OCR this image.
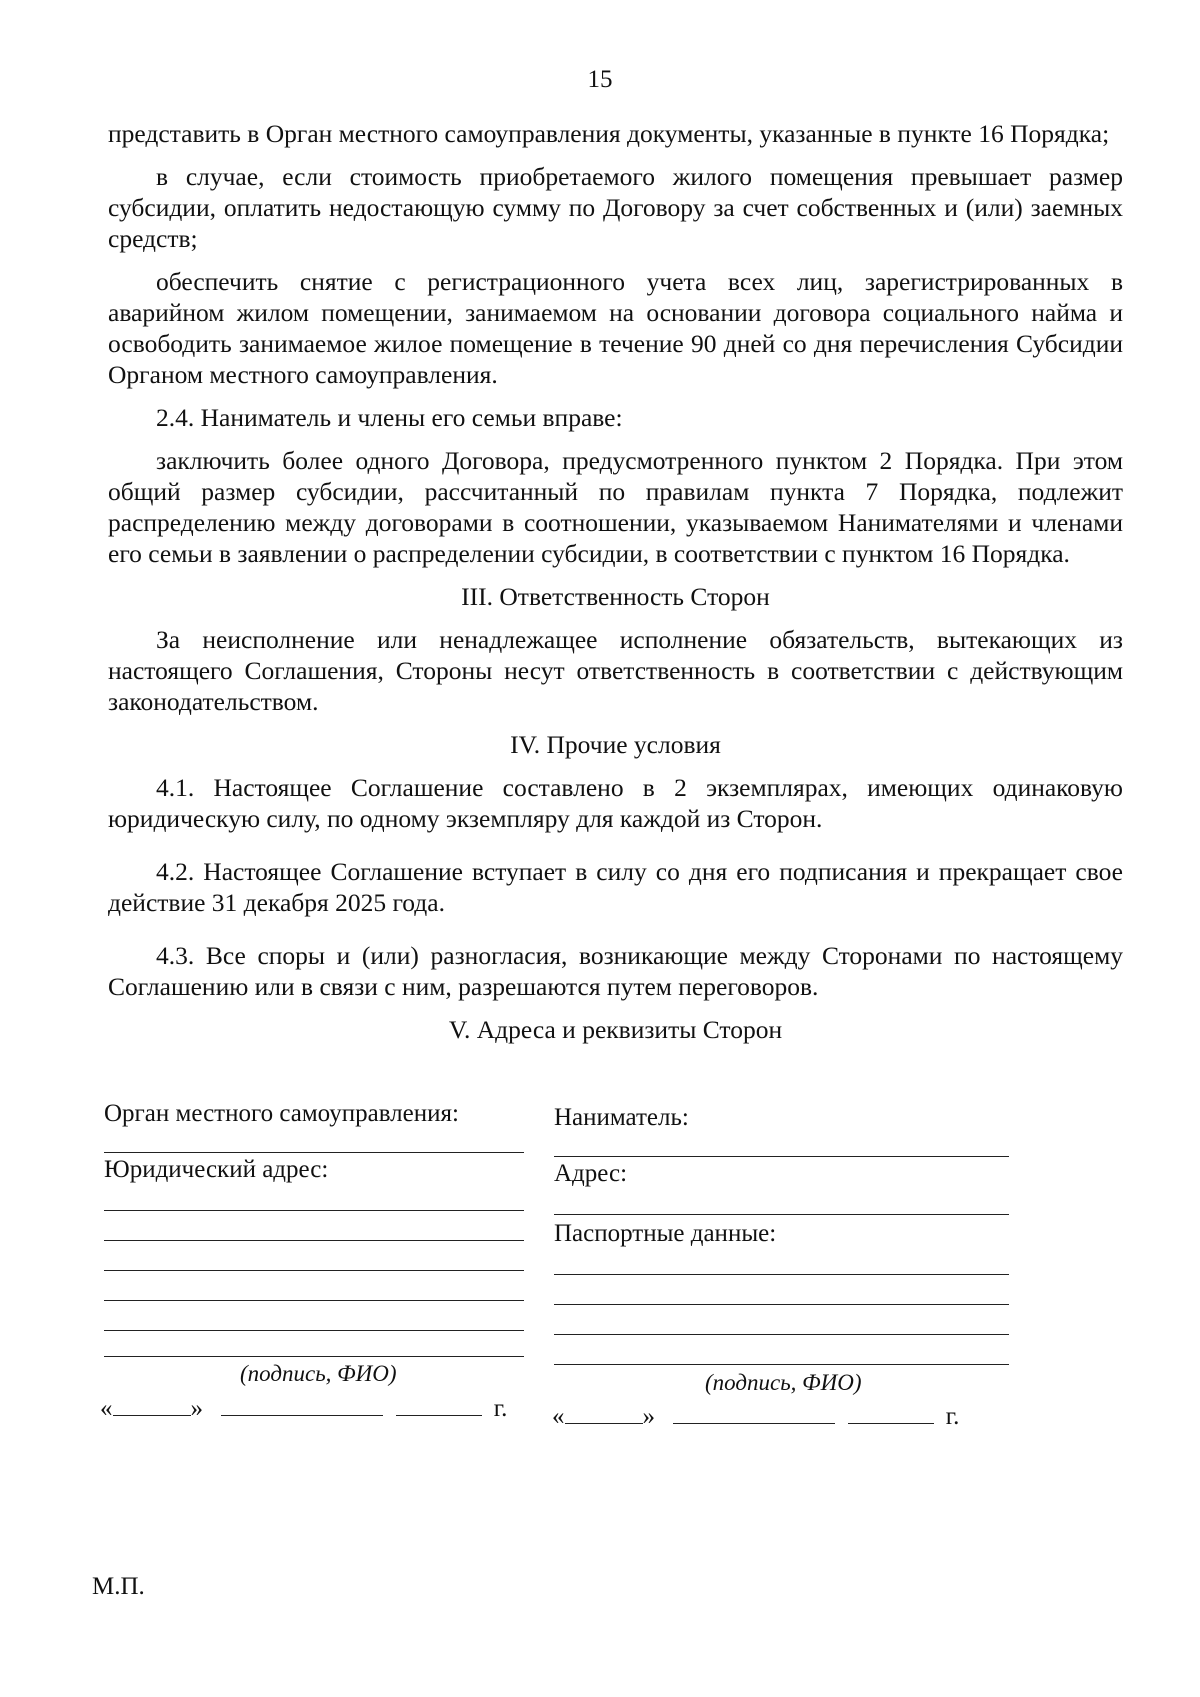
15

представить в Орган местного самоуправления документы, указанные в пункте 16 Порядка;

в случае, если стоимость приобретаемого жилого помещения превышает размер субсидии, оплатить недостающую сумму по Договору за счет собственных и (или) заемных средств;

обеспечить снятие с регистрационного учета всех лиц, зарегистрированных в аварийном жилом помещении, занимаемом на основании договора социального найма и освободить занимаемое жилое помещение в течение 90 дней со дня перечисления Субсидии Органом местного самоуправления.

2.4. Наниматель и члены его семьи вправе:

заключить более одного Договора, предусмотренного пунктом 2 Порядка. При этом общий размер субсидии, рассчитанный по правилам пункта 7 Порядка, подлежит распределению между договорами в соотношении, указываемом Нанимателями и членами его семьи в заявлении о распределении субсидии, в соответствии с пунктом 16 Порядка.

III. Ответственность Сторон

За неисполнение или ненадлежащее исполнение обязательств, вытекающих из настоящего Соглашения, Стороны несут ответственность в соответствии с действующим законодательством.

IV. Прочие условия

4.1. Настоящее Соглашение составлено в 2 экземплярах, имеющих одинаковую юридическую силу, по одному экземпляру для каждой из Сторон.

4.2. Настоящее Соглашение вступает в силу со дня его подписания и прекращает свое действие 31 декабря 2025 года.

4.3. Все споры и (или) разногласия, возникающие между Сторонами по настоящему Соглашению или в связи с ним, разрешаются путем переговоров.

V. Адреса и реквизиты Сторон
Орган местного самоуправления:
Юридический адрес:
(подпись, ФИО)
«	»	г.
Наниматель:
Адрес:
Паспортные данные:
(подпись, ФИО)
«	»	г.
М.П.
